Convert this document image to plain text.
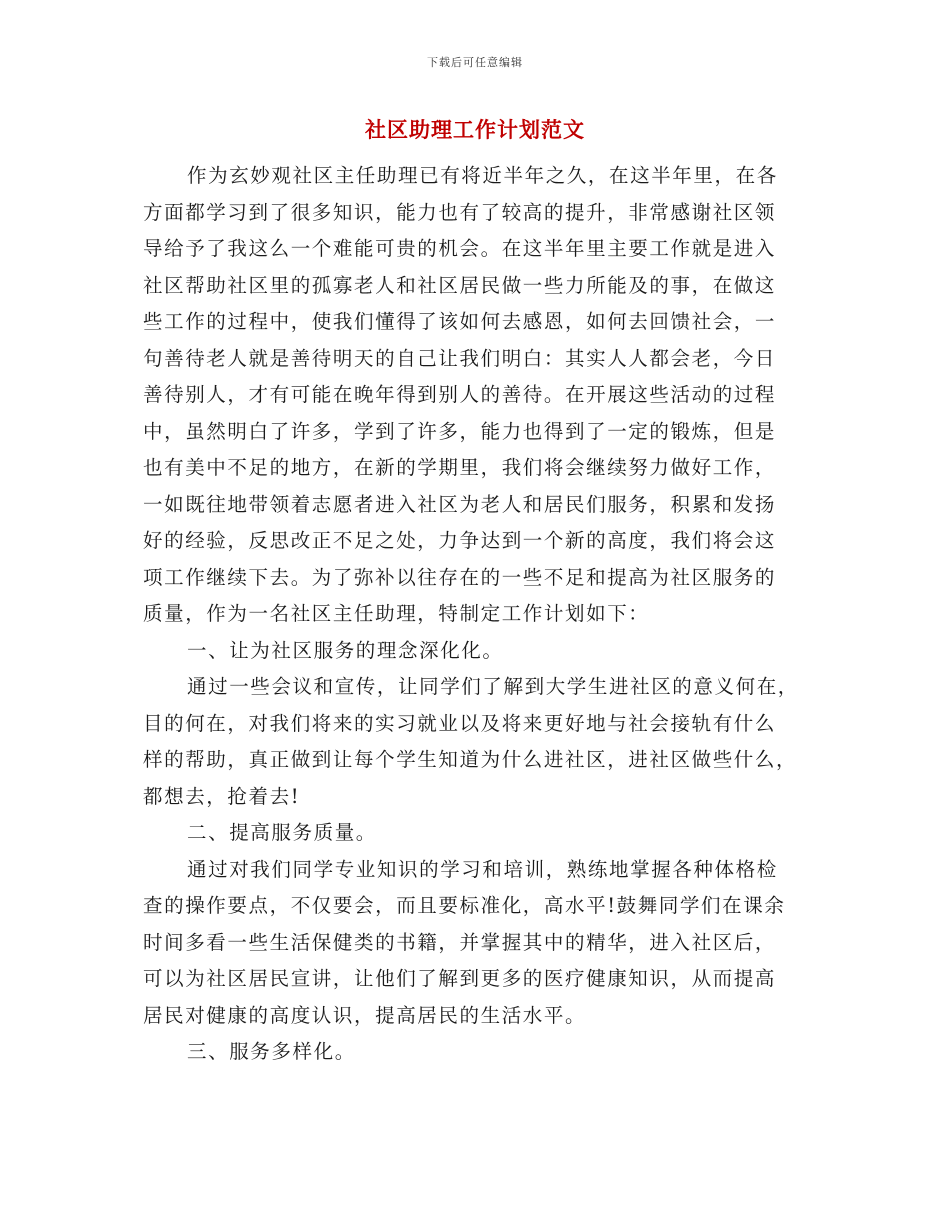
下载后可任意编辑
社区助理工作计划范文
作为玄妙观社区主任助理已有将近半年之久，在这半年里，在各
方面都学习到了很多知识，能力也有了较高的提升，非常感谢社区领
导给予了我这么一个难能可贵的机会。在这半年里主要工作就是进入
社区帮助社区里的孤寡老人和社区居民做一些力所能及的事，在做这
些工作的过程中，使我们懂得了该如何去感恩，如何去回馈社会，一
句善待老人就是善待明天的自己让我们明白：其实人人都会老，今日
善待别人，才有可能在晚年得到别人的善待。在开展这些活动的过程
中，虽然明白了许多，学到了许多，能力也得到了一定的锻炼，但是
也有美中不足的地方，在新的学期里，我们将会继续努力做好工作，
一如既往地带领着志愿者进入社区为老人和居民们服务，积累和发扬
好的经验，反思改正不足之处，力争达到一个新的高度，我们将会这
项工作继续下去。为了弥补以往存在的一些不足和提高为社区服务的
质量，作为一名社区主任助理，特制定工作计划如下：
一、让为社区服务的理念深化化。
通过一些会议和宣传，让同学们了解到大学生进社区的意义何在，
目的何在，对我们将来的实习就业以及将来更好地与社会接轨有什么
样的帮助，真正做到让每个学生知道为什么进社区，进社区做些什么，
都想去，抢着去!
二、提高服务质量。
通过对我们同学专业知识的学习和培训，熟练地掌握各种体格检
查的操作要点，不仅要会，而且要标准化，高水平!鼓舞同学们在课余
时间多看一些生活保健类的书籍，并掌握其中的精华，进入社区后，
可以为社区居民宣讲，让他们了解到更多的医疗健康知识，从而提高
居民对健康的高度认识，提高居民的生活水平。
三、服务多样化。
